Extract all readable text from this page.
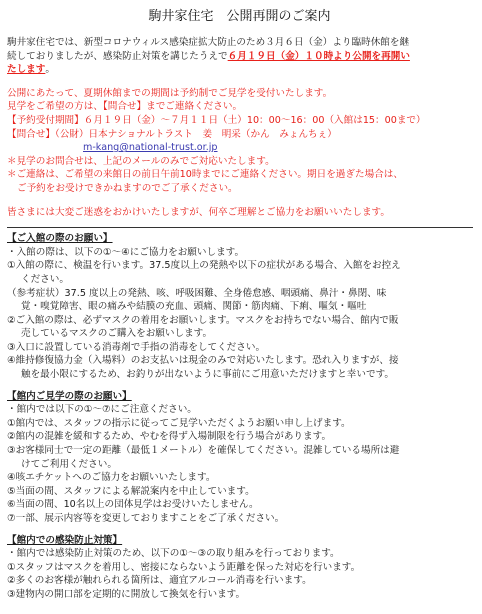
駒井家住宅　公開再開のご案内
駒井家住宅では、新型コロナウィルス感染症拡大防止のため３月６日（金）より臨時休館を継
続しておりましたが、感染防止対策を講じたうえで６月１９日（金）１０時より公開を再開い
たします。
公開にあたって、夏期休館までの期間は予約制でご見学を受付いたします。
見学をご希望の方は、【問合せ】までご連絡ください。
【予約受付期間】６月１９日（金）～７月１１日（土）10：00～16：00（入館は15：00まで）
【問合せ】（公財）日本ナショナルトラスト　姜　明采（かん　みょんちぇ）
m-kang@national-trust.or.jp
＊見学のお問合せは、上記のメールのみでご対応いたします。
＊ご連絡は、ご希望の来館日の前日午前10時までにご連絡ください。期日を過ぎた場合は、
ご予約をお受けできかねますのでご了承ください。
皆さまには大変ご迷惑をおかけいたしますが、何卒ご理解とご協力をお願いいたします。
【ご入館の際のお願い】
・入館の際は、以下の①～④にご協力をお願いします。
①入館の際に、検温を行います。37.5度以上の発熱や以下の症状がある場合、入館をお控え
ください。
（参考症状）37.5 度以上の発熱、咳、呼吸困難、全身倦怠感、咽頭痛、鼻汁・鼻閉、味
覚・嗅覚障害、眼の痛みや結膜の充血、頭痛、関節・筋肉痛、下痢、嘔気・嘔吐
②ご入館の際は、必ずマスクの着用をお願いします。マスクをお持ちでない場合、館内で販
売しているマスクのご購入をお願いします。
③入口に設置している消毒剤で手指の消毒をしてください。
④維持修復協力金（入場料）のお支払いは現金のみで対応いたします。恐れ入りますが、接
触を最小限にするため、お釣りが出ないように事前にご用意いただけますと幸いです。
【館内ご見学の際のお願い】
・館内では以下の①～⑦にご注意ください。
①館内では、スタッフの指示に従ってご見学いただくようお願い申し上げます。
②館内の混雑を緩和するため、やむを得ず入場制限を行う場合があります。
③お客様同士で一定の距離（最低１メートル）を確保してください。混雑している場所は避
けてご利用ください。
④咳エチケットへのご協力をお願いいたします。
⑤当面の間、スタッフによる解説案内を中止しています。
⑥当面の間、10名以上の団体見学はお受けいたしません。
⑦一部、展示内容等を変更しておりますことをご了承ください。
【館内での感染防止対策】
・館内では感染防止対策のため、以下の①～③の取り組みを行っております。
①スタッフはマスクを着用し、密接にならないよう距離を保った対応を行います。
②多くのお客様が触れられる箇所は、適宜アルコール消毒を行います。
③建物内の開口部を定期的に開放して換気を行います。
